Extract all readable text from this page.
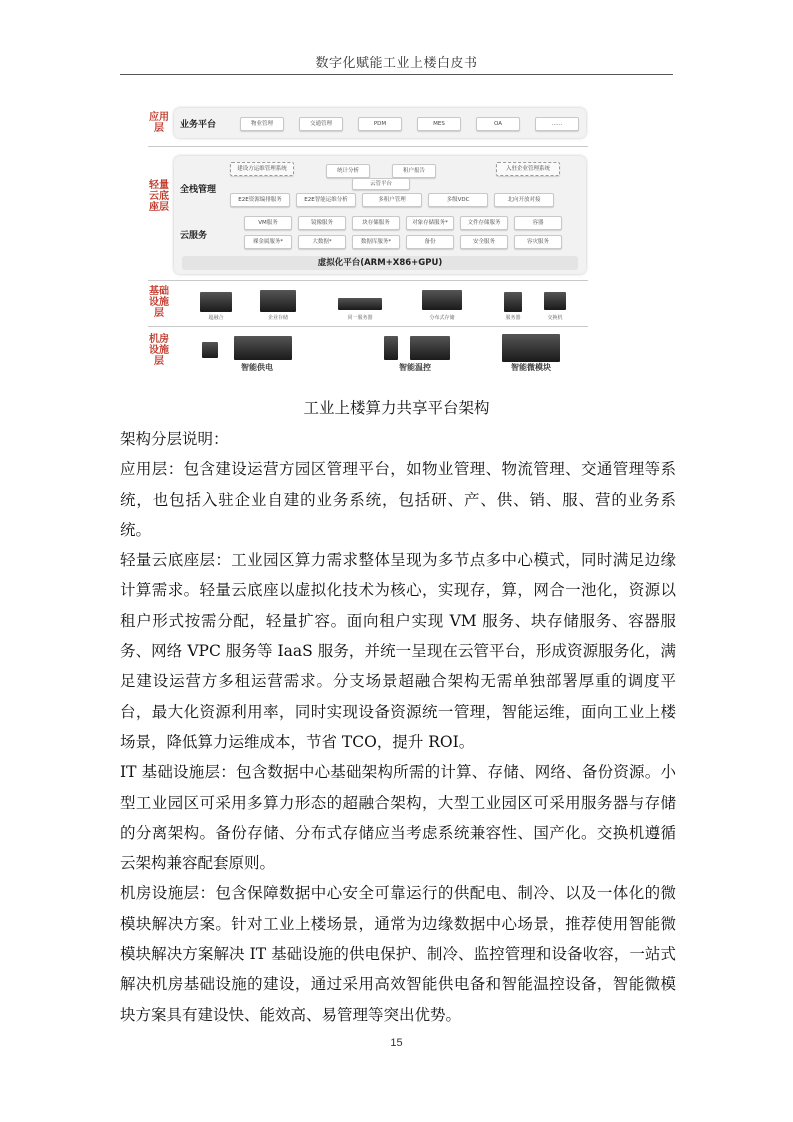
数字化赋能工业上楼白皮书
应用层	业务平台	物业管理	交通管理	PDM	MES	OA	……
轻量云底座层
全栈管理
建设方运维管理系统	统计分析	租户报告	入驻企业管理系统
云管平台
E2E资源编排服务	E2E智能运维分析	多租户管理	多级VDC	北向开放对接
云服务
VM服务	镜像服务	块存储服务	对象存储服务*	文件存储服务	容器
裸金属服务*	大数据*	数据库服务*	备份	安全服务	容灾服务
虚拟化平台(ARM+X86+GPU)
基础设施层	超融合	企业存储	同一服务器	分布式存储	服务器	交换机
机房设施层
智能供电	智能温控	智能微模块
工业上楼算力共享平台架构

架构分层说明：

应用层：包含建设运营方园区管理平台，如物业管理、物流管理、交通管理等系统，也包括入驻企业自建的业务系统，包括研、产、供、销、服、营的业务系统。

轻量云底座层：工业园区算力需求整体呈现为多节点多中心模式，同时满足边缘计算需求。轻量云底座以虚拟化技术为核心，实现存，算，网合一池化，资源以租户形式按需分配，轻量扩容。面向租户实现 VM 服务、块存储服务、容器服务、网络 VPC 服务等 IaaS 服务，并统一呈现在云管平台，形成资源服务化，满足建设运营方多租运营需求。分支场景超融合架构无需单独部署厚重的调度平台，最大化资源利用率，同时实现设备资源统一管理，智能运维，面向工业上楼场景，降低算力运维成本，节省 TCO，提升 ROI。

IT 基础设施层：包含数据中心基础架构所需的计算、存储、网络、备份资源。小型工业园区可采用多算力形态的超融合架构，大型工业园区可采用服务器与存储的分离架构。备份存储、分布式存储应当考虑系统兼容性、国产化。交换机遵循云架构兼容配套原则。

机房设施层：包含保障数据中心安全可靠运行的供配电、制冷、以及一体化的微模块解决方案。针对工业上楼场景，通常为边缘数据中心场景，推荐使用智能微模块解决方案解决 IT 基础设施的供电保护、制冷、监控管理和设备收容，一站式解决机房基础设施的建设，通过采用高效智能供电备和智能温控设备，智能微模块方案具有建设快、能效高、易管理等突出优势。

15
